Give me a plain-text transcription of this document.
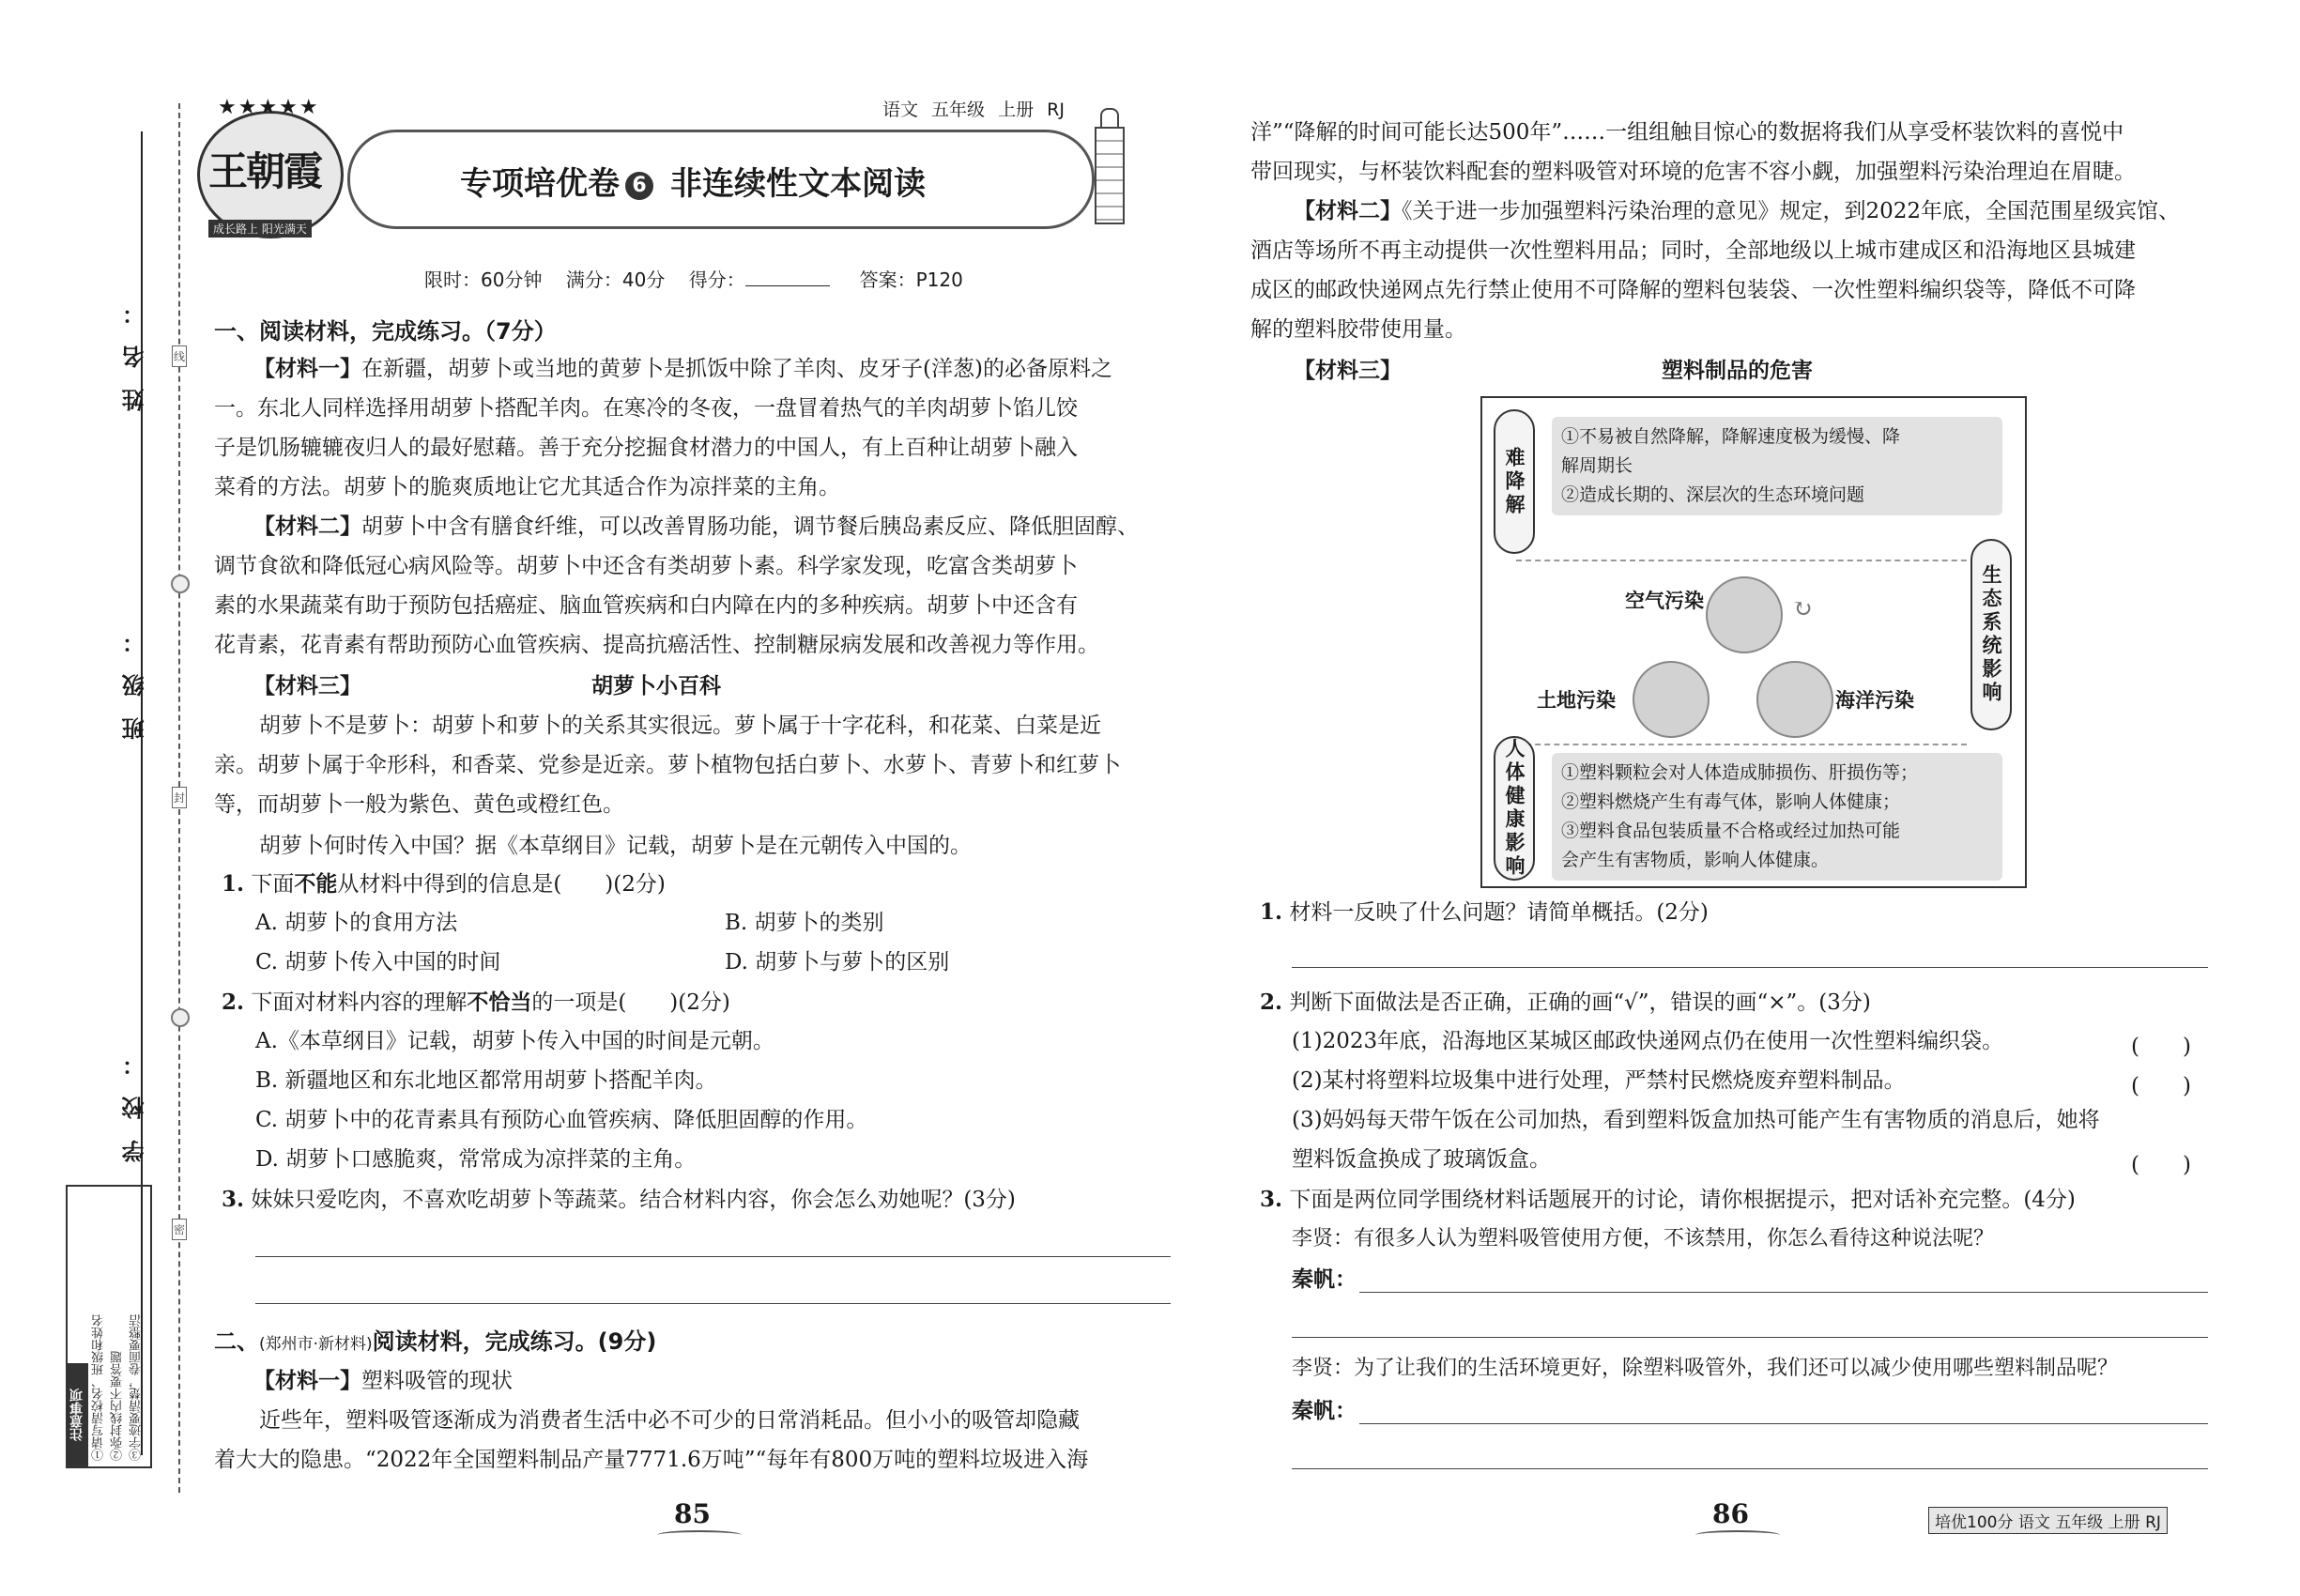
姓名：
班级：
学校：
线
封
密
注意事项 ①请写清校名、班级和姓名 ②弥封线内不要答题 ③字迹要清楚，卷面要整洁
王朝霞
成长路上 阳光满天
★★★★★	语文 五年级 上册 RJ
专项培优卷 6 非连续性文本阅读
限时：60分钟 满分：40分 得分：	答案：P120
一、阅读材料，完成练习。（7分）
【材料一】在新疆，胡萝卜或当地的黄萝卜是抓饭中除了羊肉、皮牙子(洋葱)的必备原料之
一。东北人同样选择用胡萝卜搭配羊肉。在寒冷的冬夜，一盘冒着热气的羊肉胡萝卜馅儿饺
子是饥肠辘辘夜归人的最好慰藉。善于充分挖掘食材潜力的中国人，有上百种让胡萝卜融入
菜肴的方法。胡萝卜的脆爽质地让它尤其适合作为凉拌菜的主角。
【材料二】胡萝卜中含有膳食纤维，可以改善胃肠功能，调节餐后胰岛素反应、降低胆固醇、
调节食欲和降低冠心病风险等。胡萝卜中还含有类胡萝卜素。科学家发现，吃富含类胡萝卜
素的水果蔬菜有助于预防包括癌症、脑血管疾病和白内障在内的多种疾病。胡萝卜中还含有
花青素，花青素有帮助预防心血管疾病、提高抗癌活性、控制糖尿病发展和改善视力等作用。
【材料三】	胡萝卜小百科
胡萝卜不是萝卜：胡萝卜和萝卜的关系其实很远。萝卜属于十字花科，和花菜、白菜是近
亲。胡萝卜属于伞形科，和香菜、党参是近亲。萝卜植物包括白萝卜、水萝卜、青萝卜和红萝卜
等，而胡萝卜一般为紫色、黄色或橙红色。
胡萝卜何时传入中国？据《本草纲目》记载，胡萝卜是在元朝传入中国的。
1. 下面不能从材料中得到的信息是(　　)(2分)
A. 胡萝卜的食用方法	B. 胡萝卜的类别
C. 胡萝卜传入中国的时间	D. 胡萝卜与萝卜的区别
2. 下面对材料内容的理解不恰当的一项是(　　)(2分)
A.《本草纲目》记载，胡萝卜传入中国的时间是元朝。
B. 新疆地区和东北地区都常用胡萝卜搭配羊肉。
C. 胡萝卜中的花青素具有预防心血管疾病、降低胆固醇的作用。
D. 胡萝卜口感脆爽，常常成为凉拌菜的主角。
3. 妹妹只爱吃肉，不喜欢吃胡萝卜等蔬菜。结合材料内容，你会怎么劝她呢？(3分)
二、(郑州市·新材料)阅读材料，完成练习。(9分)
【材料一】塑料吸管的现状
近些年，塑料吸管逐渐成为消费者生活中必不可少的日常消耗品。但小小的吸管却隐藏
着大大的隐患。“2022年全国塑料制品产量7771.6万吨”“每年有800万吨的塑料垃圾进入海
85
洋”“降解的时间可能长达500年”……一组组触目惊心的数据将我们从享受杯装饮料的喜悦中
带回现实，与杯装饮料配套的塑料吸管对环境的危害不容小觑，加强塑料污染治理迫在眉睫。
【材料二】《关于进一步加强塑料污染治理的意见》规定，到2022年底，全国范围星级宾馆、
酒店等场所不再主动提供一次性塑料用品；同时，全部地级以上城市建成区和沿海地区县城建
成区的邮政快递网点先行禁止使用不可降解的塑料包装袋、一次性塑料编织袋等，降低不可降
解的塑料胶带使用量。
【材料三】	塑料制品的危害
难降解
①不易被自然降解，降解速度极为缓慢、降
解周期长
②造成长期的、深层次的生态环境问题
生态系统影响
空气污染
土地污染	海洋污染
↻
人体健康影响	①塑料颗粒会对人体造成肺损伤、肝损伤等；
②塑料燃烧产生有毒气体，影响人体健康；
③塑料食品包装质量不合格或经过加热可能
会产生有害物质，影响人体健康。
1. 材料一反映了什么问题？请简单概括。(2分)
2. 判断下面做法是否正确，正确的画“√”，错误的画“×”。(3分)
(1)2023年底，沿海地区某城区邮政快递网点仍在使用一次性塑料编织袋。	(　　)
(2)某村将塑料垃圾集中进行处理，严禁村民燃烧废弃塑料制品。	(　　)
(3)妈妈每天带午饭在公司加热，看到塑料饭盒加热可能产生有害物质的消息后，她将
塑料饭盒换成了玻璃饭盒。	(　　)
3. 下面是两位同学围绕材料话题展开的讨论，请你根据提示，把对话补充完整。(4分)
李贤：有很多人认为塑料吸管使用方便，不该禁用，你怎么看待这种说法呢？
秦帆：
李贤：为了让我们的生活环境更好，除塑料吸管外，我们还可以减少使用哪些塑料制品呢？
秦帆：
86	培优100分 语文 五年级 上册 RJ
